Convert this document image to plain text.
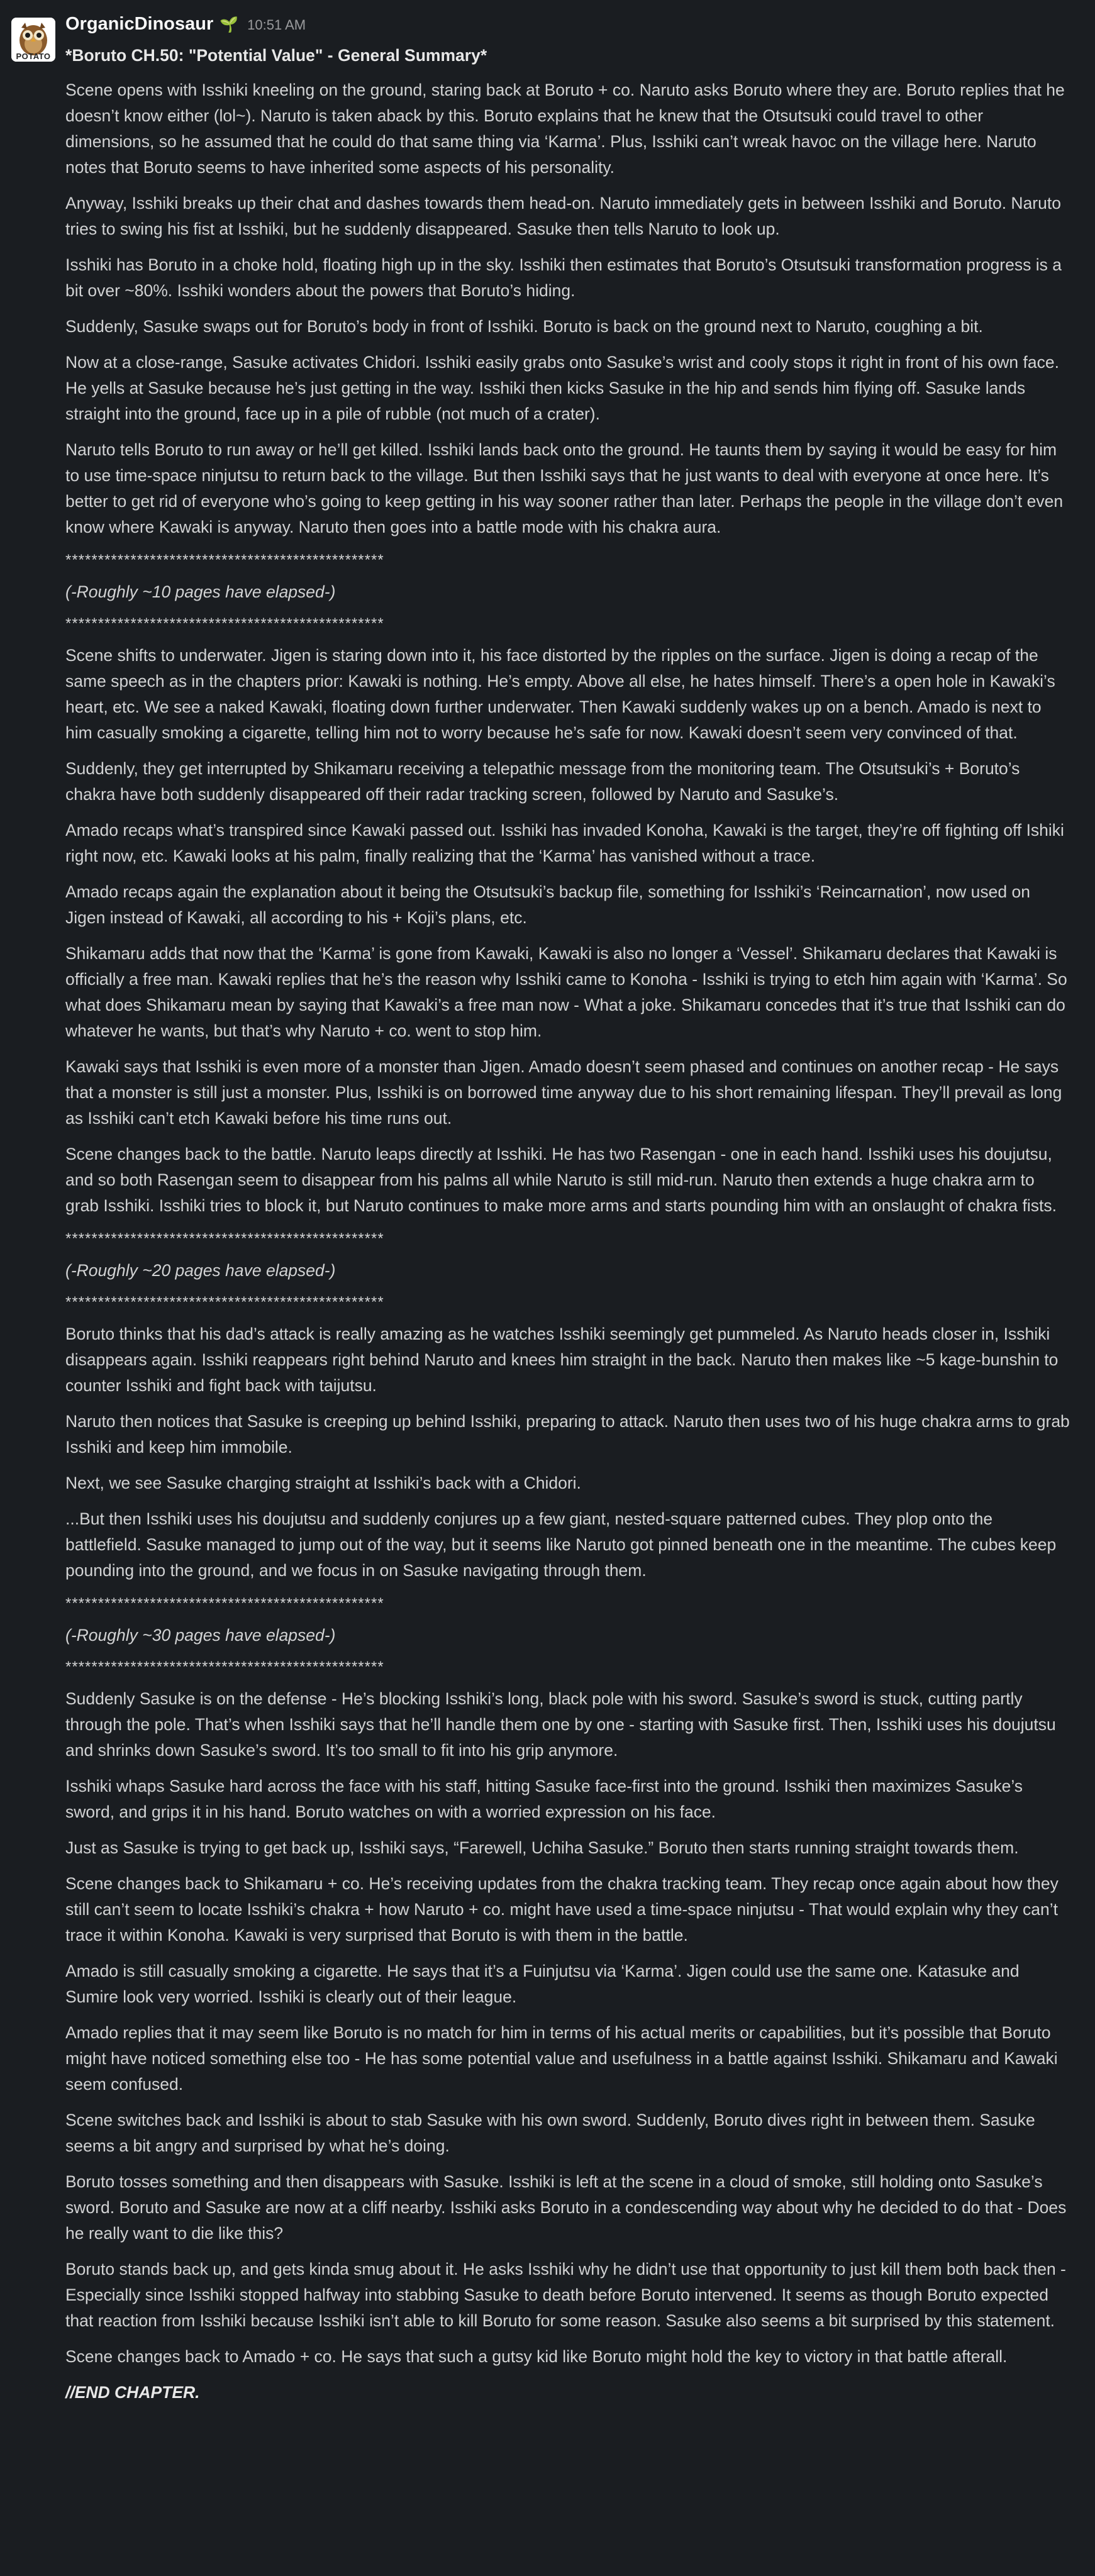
POTATO
OrganicDinosaur 🌱 10:51 AM

*Boruto CH.50: "Potential Value" - General Summary*

Scene opens with Isshiki kneeling on the ground, staring back at Boruto + co. Naruto asks Boruto where they are. Boruto replies that he doesn’t know either (lol~). Naruto is taken aback by this. Boruto explains that he knew that the Otsutsuki could travel to other dimensions, so he assumed that he could do that same thing via ‘Karma’. Plus, Isshiki can’t wreak havoc on the village here. Naruto notes that Boruto seems to have inherited some aspects of his personality.

Anyway, Isshiki breaks up their chat and dashes towards them head-on. Naruto immediately gets in between Isshiki and Boruto. Naruto tries to swing his fist at Isshiki, but he suddenly disappeared. Sasuke then tells Naruto to look up.

Isshiki has Boruto in a choke hold, floating high up in the sky. Isshiki then estimates that Boruto’s Otsutsuki transformation progress is a bit over ~80%. Isshiki wonders about the powers that Boruto’s hiding.

Suddenly, Sasuke swaps out for Boruto’s body in front of Isshiki. Boruto is back on the ground next to Naruto, coughing a bit.

Now at a close-range, Sasuke activates Chidori. Isshiki easily grabs onto Sasuke’s wrist and cooly stops it right in front of his own face. He yells at Sasuke because he’s just getting in the way. Isshiki then kicks Sasuke in the hip and sends him flying off. Sasuke lands straight into the ground, face up in a pile of rubble (not much of a crater).

Naruto tells Boruto to run away or he’ll get killed. Isshiki lands back onto the ground. He taunts them by saying it would be easy for him to use time-space ninjutsu to return back to the village. But then Isshiki says that he just wants to deal with everyone at once here. It’s better to get rid of everyone who’s going to keep getting in his way sooner rather than later. Perhaps the people in the village don’t even know where Kawaki is anyway. Naruto then goes into a battle mode with his chakra aura.

*************************************************

(-Roughly ~10 pages have elapsed-)

*************************************************

Scene shifts to underwater. Jigen is staring down into it, his face distorted by the ripples on the surface. Jigen is doing a recap of the same speech as in the chapters prior: Kawaki is nothing. He’s empty. Above all else, he hates himself. There’s a open hole in Kawaki’s heart, etc. We see a naked Kawaki, floating down further underwater. Then Kawaki suddenly wakes up on a bench. Amado is next to him casually smoking a cigarette, telling him not to worry because he’s safe for now. Kawaki doesn’t seem very convinced of that.

Suddenly, they get interrupted by Shikamaru receiving a telepathic message from the monitoring team. The Otsutsuki’s + Boruto’s chakra have both suddenly disappeared off their radar tracking screen, followed by Naruto and Sasuke’s.

Amado recaps what’s transpired since Kawaki passed out. Isshiki has invaded Konoha, Kawaki is the target, they’re off fighting off Ishiki right now, etc. Kawaki looks at his palm, finally realizing that the ‘Karma’ has vanished without a trace.

Amado recaps again the explanation about it being the Otsutsuki’s backup file, something for Isshiki’s ‘Reincarnation’, now used on Jigen instead of Kawaki, all according to his + Koji’s plans, etc.

Shikamaru adds that now that the ‘Karma’ is gone from Kawaki, Kawaki is also no longer a ‘Vessel’. Shikamaru declares that Kawaki is officially a free man. Kawaki replies that he’s the reason why Isshiki came to Konoha - Isshiki is trying to etch him again with ‘Karma’. So what does Shikamaru mean by saying that Kawaki’s a free man now - What a joke. Shikamaru concedes that it’s true that Isshiki can do whatever he wants, but that’s why Naruto + co. went to stop him.

Kawaki says that Isshiki is even more of a monster than Jigen. Amado doesn’t seem phased and continues on another recap - He says that a monster is still just a monster. Plus, Isshiki is on borrowed time anyway due to his short remaining lifespan. They’ll prevail as long as Isshiki can’t etch Kawaki before his time runs out.

Scene changes back to the battle. Naruto leaps directly at Isshiki. He has two Rasengan - one in each hand. Isshiki uses his doujutsu, and so both Rasengan seem to disappear from his palms all while Naruto is still mid-run. Naruto then extends a huge chakra arm to grab Isshiki. Isshiki tries to block it, but Naruto continues to make more arms and starts pounding him with an onslaught of chakra fists.

*************************************************

(-Roughly ~20 pages have elapsed-)

*************************************************

Boruto thinks that his dad’s attack is really amazing as he watches Isshiki seemingly get pummeled. As Naruto heads closer in, Isshiki disappears again. Isshiki reappears right behind Naruto and knees him straight in the back. Naruto then makes like ~5 kage-bunshin to counter Isshiki and fight back with taijutsu.

Naruto then notices that Sasuke is creeping up behind Isshiki, preparing to attack. Naruto then uses two of his huge chakra arms to grab Isshiki and keep him immobile.

Next, we see Sasuke charging straight at Isshiki’s back with a Chidori.

...But then Isshiki uses his doujutsu and suddenly conjures up a few giant, nested-square patterned cubes. They plop onto the battlefield. Sasuke managed to jump out of the way, but it seems like Naruto got pinned beneath one in the meantime. The cubes keep pounding into the ground, and we focus in on Sasuke navigating through them.

*************************************************

(-Roughly ~30 pages have elapsed-)

*************************************************

Suddenly Sasuke is on the defense - He’s blocking Isshiki’s long, black pole with his sword. Sasuke’s sword is stuck, cutting partly through the pole. That’s when Isshiki says that he’ll handle them one by one - starting with Sasuke first. Then, Isshiki uses his doujutsu and shrinks down Sasuke’s sword. It’s too small to fit into his grip anymore.

Isshiki whaps Sasuke hard across the face with his staff, hitting Sasuke face-first into the ground. Isshiki then maximizes Sasuke’s sword, and grips it in his hand. Boruto watches on with a worried expression on his face.

Just as Sasuke is trying to get back up, Isshiki says, “Farewell, Uchiha Sasuke.” Boruto then starts running straight towards them.

Scene changes back to Shikamaru + co. He’s receiving updates from the chakra tracking team. They recap once again about how they still can’t seem to locate Isshiki’s chakra + how Naruto + co. might have used a time-space ninjutsu - That would explain why they can’t trace it within Konoha. Kawaki is very surprised that Boruto is with them in the battle.

Amado is still casually smoking a cigarette. He says that it’s a Fuinjutsu via ‘Karma’. Jigen could use the same one. Katasuke and Sumire look very worried. Isshiki is clearly out of their league.

Amado replies that it may seem like Boruto is no match for him in terms of his actual merits or capabilities, but it’s possible that Boruto might have noticed something else too - He has some potential value and usefulness in a battle against Isshiki. Shikamaru and Kawaki seem confused.

Scene switches back and Isshiki is about to stab Sasuke with his own sword. Suddenly, Boruto dives right in between them. Sasuke seems a bit angry and surprised by what he’s doing.

Boruto tosses something and then disappears with Sasuke. Isshiki is left at the scene in a cloud of smoke, still holding onto Sasuke’s sword. Boruto and Sasuke are now at a cliff nearby. Isshiki asks Boruto in a condescending way about why he decided to do that - Does he really want to die like this?

Boruto stands back up, and gets kinda smug about it. He asks Isshiki why he didn’t use that opportunity to just kill them both back then - Especially since Isshiki stopped halfway into stabbing Sasuke to death before Boruto intervened. It seems as though Boruto expected that reaction from Isshiki because Isshiki isn’t able to kill Boruto for some reason. Sasuke also seems a bit surprised by this statement.

Scene changes back to Amado + co. He says that such a gutsy kid like Boruto might hold the key to victory in that battle afterall.

//END CHAPTER.
